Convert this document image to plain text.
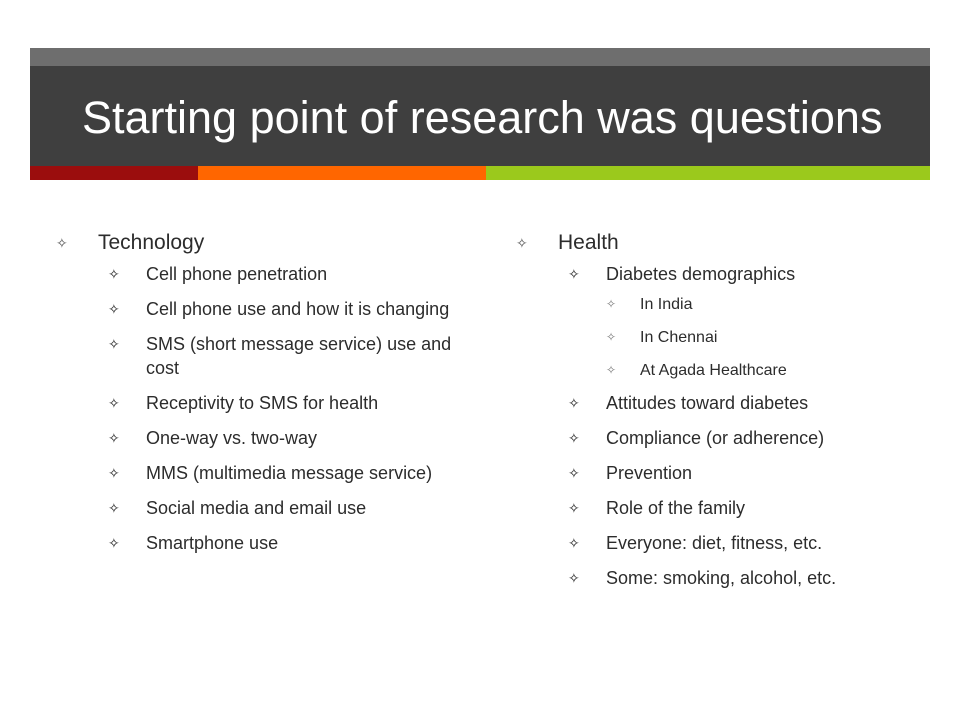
Starting point of research was questions
✧ Technology
✧ Cell phone penetration
✧ Cell phone use and how it is changing
✧ SMS (short message service) use and cost
✧ Receptivity to SMS for health
✧ One-way vs. two-way
✧ MMS (multimedia message service)
✧ Social media and email use
✧ Smartphone use
✧ Health
✧ Diabetes demographics
✧ In India
✧ In Chennai
✧ At Agada Healthcare
✧ Attitudes toward diabetes
✧ Compliance (or adherence)
✧ Prevention
✧ Role of the family
✧ Everyone: diet, fitness, etc.
✧ Some: smoking, alcohol, etc.
